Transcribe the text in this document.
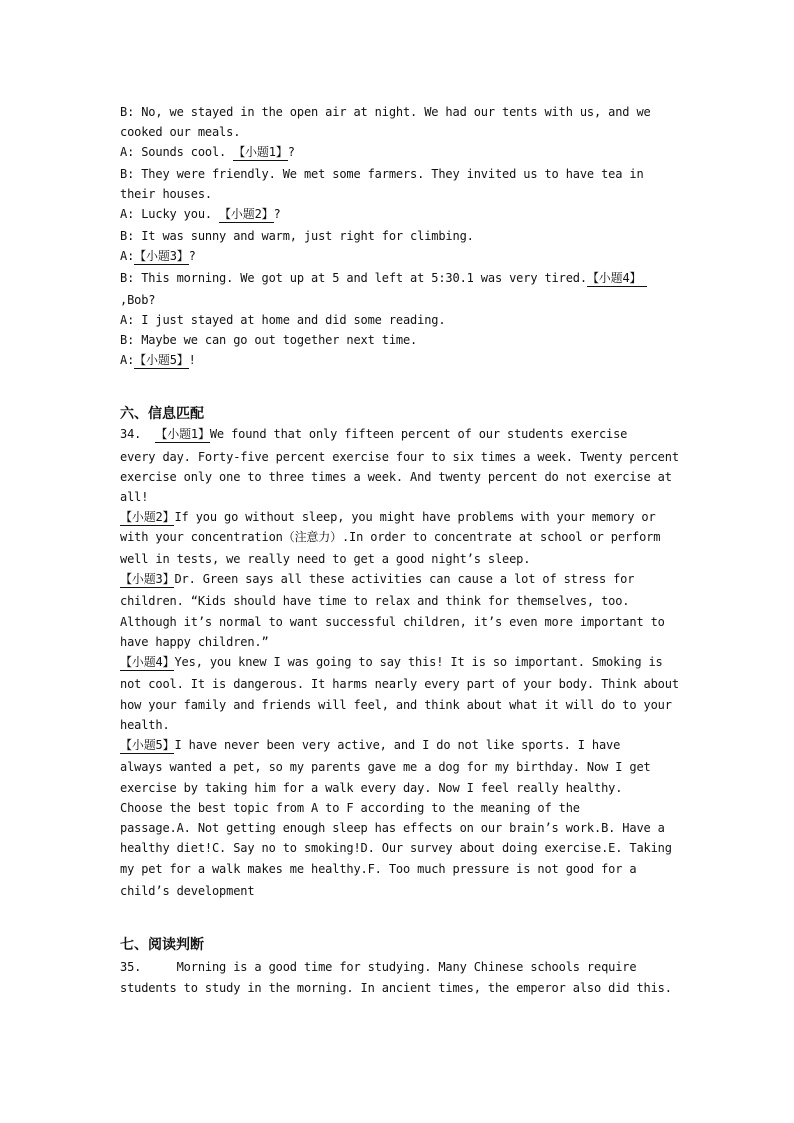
B: No, we stayed in the open air at night. We had our tents with us, and we
cooked our meals.
A: Sounds cool. 【小题1】?
B: They were friendly. We met some farmers. They invited us to have tea in
their houses.
A: Lucky you. 【小题2】?
B: It was sunny and warm, just right for climbing.
A:【小题3】?
B: This morning. We got up at 5 and left at 5:30.1 was very tired.【小题4】
,Bob?
A: I just stayed at home and did some reading.
B: Maybe we can go out together next time.
A:【小题5】!
六、信息匹配
34.  【小题1】We found that only fifteen percent of our students exercise
every day. Forty-five percent exercise four to six times a week. Twenty percent
exercise only one to three times a week. And twenty percent do not exercise at
all!
【小题2】If you go without sleep, you might have problems with your memory or
with your concentration（注意力）.In order to concentrate at school or perform
well in tests, we really need to get a good night’s sleep.
【小题3】Dr. Green says all these activities can cause a lot of stress for
children. “Kids should have time to relax and think for themselves, too.
Although it’s normal to want successful children, it’s even more important to
have happy children.”
【小题4】Yes, you knew I was going to say this! It is so important. Smoking is
not cool. It is dangerous. It harms nearly every part of your body. Think about
how your family and friends will feel, and think about what it will do to your
health.
【小题5】I have never been very active, and I do not like sports. I have
always wanted a pet, so my parents gave me a dog for my birthday. Now I get
exercise by taking him for a walk every day. Now I feel really healthy.
Choose the best topic from A to F according to the meaning of the
passage.A. Not getting enough sleep has effects on our brain’s work.B. Have a
healthy diet!C. Say no to smoking!D. Our survey about doing exercise.E. Taking
my pet for a walk makes me healthy.F. Too much pressure is not good for a
child’s development
七、阅读判断
35.     Morning is a good time for studying. Many Chinese schools require
students to study in the morning. In ancient times, the emperor also did this.
